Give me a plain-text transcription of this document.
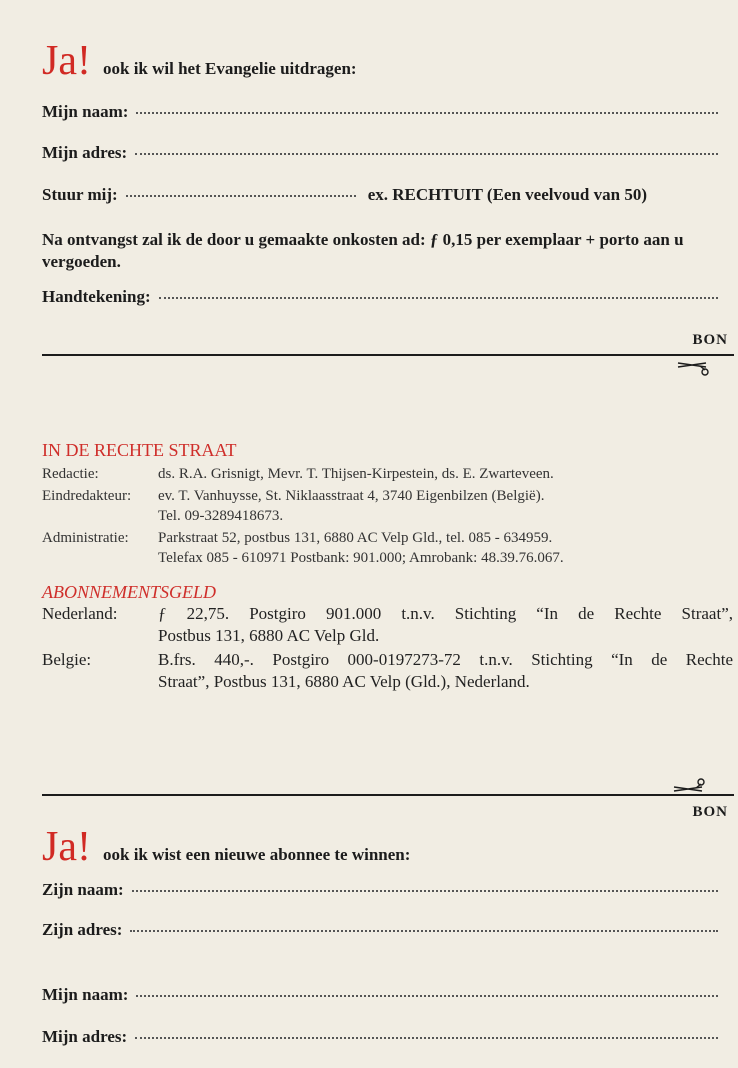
Ja! ook ik wil het Evangelie uitdragen:
Mijn naam:
Mijn adres:
Stuur mij:	ex. RECHTUIT (Een veelvoud van 50)
Na ontvangst zal ik de door u gemaakte onkosten ad: ƒ 0,15 per exemplaar + porto aan u vergoeden.
Handtekening:
BON
IN DE RECHTE STRAAT
Redactie:	ds. R.A. Grisnigt, Mevr. T. Thijsen-Kirpestein, ds. E. Zwarteveen.
Eindredakteur: ev. T. Vanhuysse, St. Niklaasstraat 4, 3740 Eigenbilzen (België).
Tel. 09-3289418673.
Administratie: Parkstraat 52, postbus 131, 6880 AC Velp Gld., tel. 085 - 634959.
Telefax 085 - 610971 Postbank: 901.000; Amrobank: 48.39.76.067.
ABONNEMENTSGELD
Nederland: ƒ 22,75. Postgiro 901.000 t.n.v. Stichting “In de Rechte Straat”,
Postbus 131, 6880 AC Velp Gld.
Belgie:	B.frs. 440,-. Postgiro 000-0197273-72 t.n.v. Stichting “In de Rechte
Straat”, Postbus 131, 6880 AC Velp (Gld.), Nederland.
BON
Ja! ook ik wist een nieuwe abonnee te winnen:
Zijn naam:
Zijn adres:
Mijn naam:
Mijn adres:
